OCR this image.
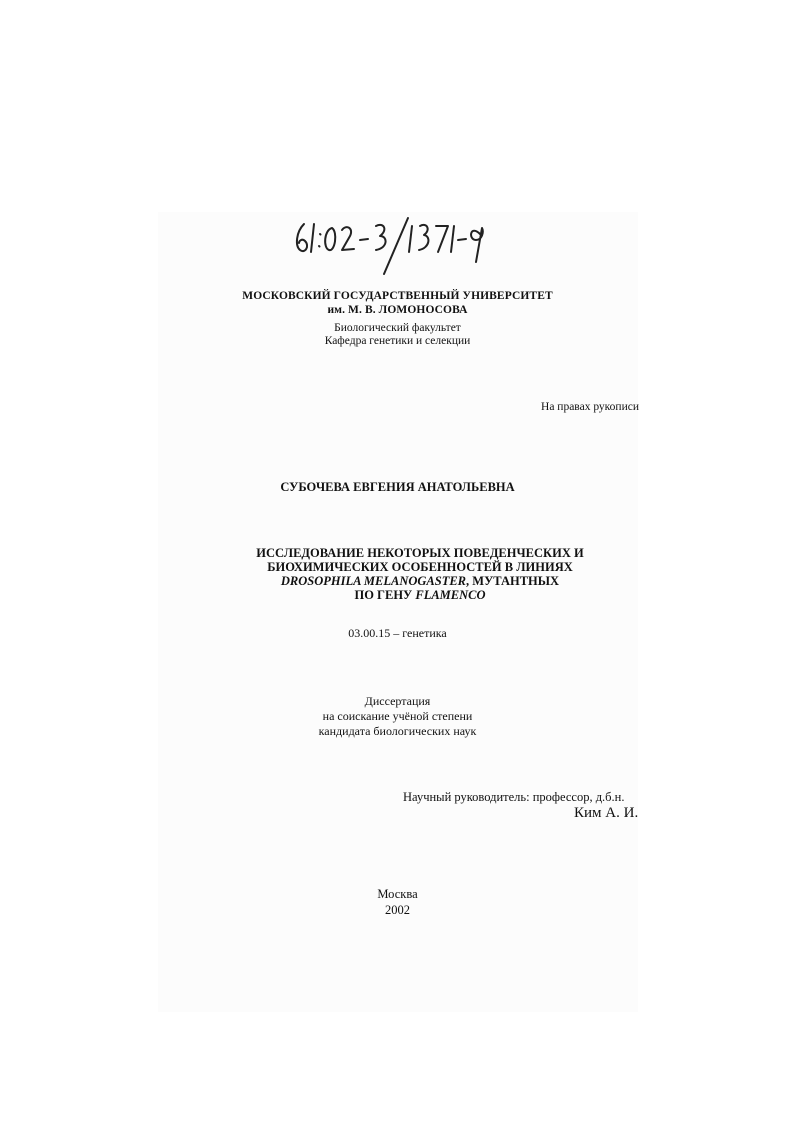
МОСКОВСКИЙ ГОСУДАРСТВЕННЫЙ УНИВЕРСИТЕТ
им. М. В. ЛОМОНОСОВА
Биологический факультет
Кафедра генетики и селекции
На правах рукописи
СУБОЧЕВА ЕВГЕНИЯ АНАТОЛЬЕВНА
ИССЛЕДОВАНИЕ НЕКОТОРЫХ ПОВЕДЕНЧЕСКИХ И
БИОХИМИЧЕСКИХ ОСОБЕННОСТЕЙ В ЛИНИЯХ
DROSOPHILA MELANOGASTER, МУТАНТНЫХ
ПО ГЕНУ FLAMENCO
03.00.15 – генетика
Диссертация
на соискание учёной степени
кандидата биологических наук
Научный руководитель: профессор, д.б.н.
Ким А. И.
Москва
2002
